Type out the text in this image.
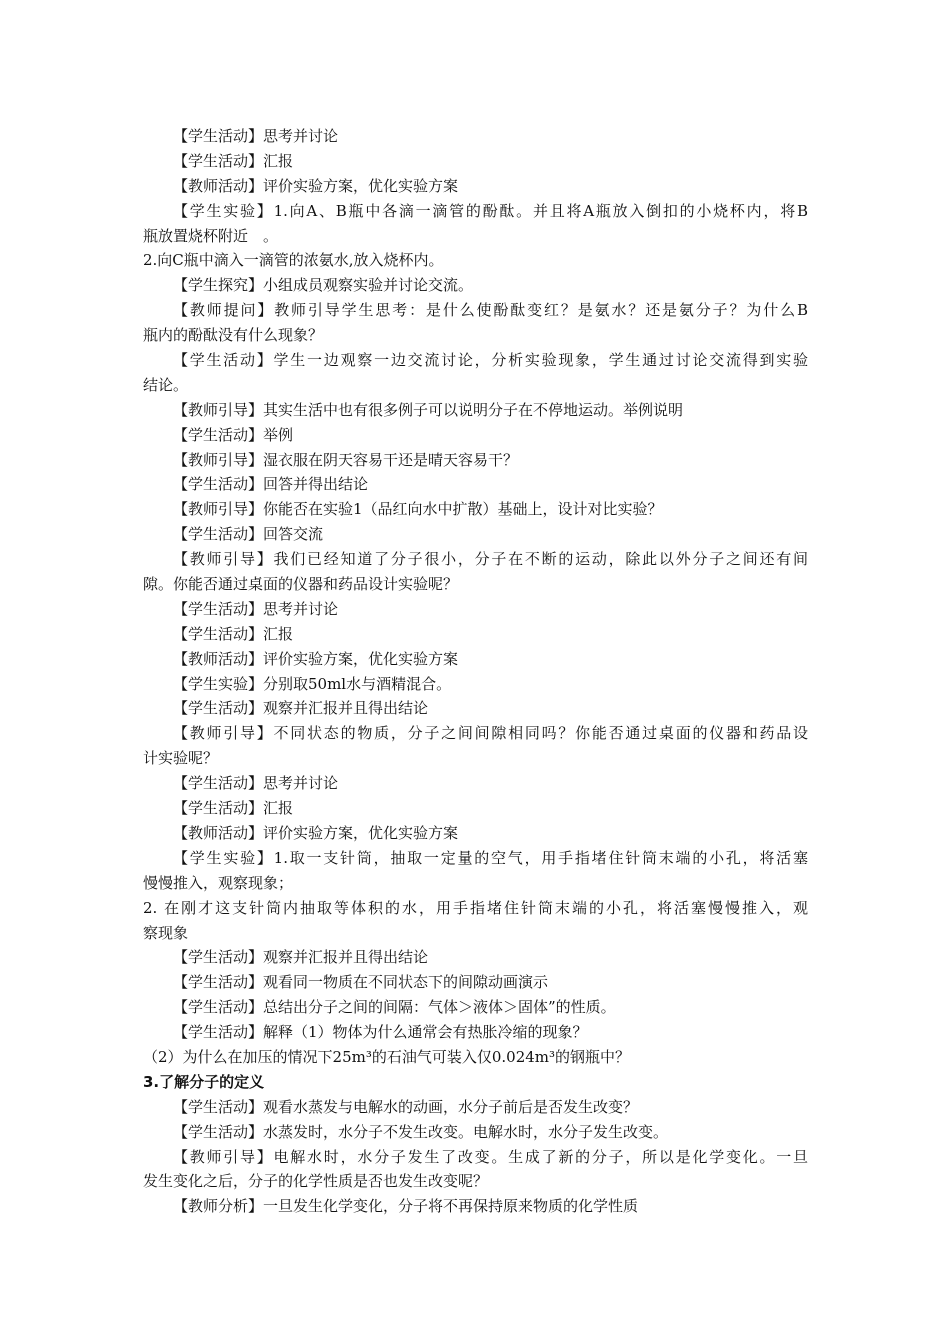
【学生活动】思考并讨论
【学生活动】汇报
【教师活动】评价实验方案，优化实验方案
【学生实验】1.向A、B瓶中各滴一滴管的酚酞。并且将A瓶放入倒扣的小烧杯内，将B
瓶放置烧杯附近　。
2.向C瓶中滴入一滴管的浓氨水,放入烧杯内。
【学生探究】小组成员观察实验并讨论交流。
【教师提问】教师引导学生思考：是什么使酚酞变红？是氨水？还是氨分子？为什么B
瓶内的酚酞没有什么现象？
【学生活动】学生一边观察一边交流讨论，分析实验现象，学生通过讨论交流得到实验
结论。
【教师引导】其实生活中也有很多例子可以说明分子在不停地运动。举例说明
【学生活动】举例
【教师引导】湿衣服在阴天容易干还是晴天容易干？
【学生活动】回答并得出结论
【教师引导】你能否在实验1（品红向水中扩散）基础上，设计对比实验？
【学生活动】回答交流
【教师引导】我们已经知道了分子很小，分子在不断的运动，除此以外分子之间还有间
隙。你能否通过桌面的仪器和药品设计实验呢？
【学生活动】思考并讨论
【学生活动】汇报
【教师活动】评价实验方案，优化实验方案
【学生实验】分别取50ml水与酒精混合。
【学生活动】观察并汇报并且得出结论
【教师引导】不同状态的物质，分子之间间隙相同吗？你能否通过桌面的仪器和药品设
计实验呢？
【学生活动】思考并讨论
【学生活动】汇报
【教师活动】评价实验方案，优化实验方案
【学生实验】1.取一支针筒，抽取一定量的空气，用手指堵住针筒末端的小孔，将活塞
慢慢推入，观察现象；
2. 在刚才这支针筒内抽取等体积的水，用手指堵住针筒末端的小孔，将活塞慢慢推入，观
察现象
【学生活动】观察并汇报并且得出结论
【学生活动】观看同一物质在不同状态下的间隙动画演示
【学生活动】总结出分子之间的间隔：气体＞液体＞固体”的性质。
【学生活动】解释（1）物体为什么通常会有热胀冷缩的现象？
（2）为什么在加压的情况下25m³的石油气可装入仅0.024m³的钢瓶中？
3.了解分子的定义
【学生活动】观看水蒸发与电解水的动画，水分子前后是否发生改变？
【学生活动】水蒸发时，水分子不发生改变。电解水时，水分子发生改变。
【教师引导】电解水时，水分子发生了改变。生成了新的分子，所以是化学变化。一旦
发生变化之后，分子的化学性质是否也发生改变呢？
【教师分析】一旦发生化学变化，分子将不再保持原来物质的化学性质
